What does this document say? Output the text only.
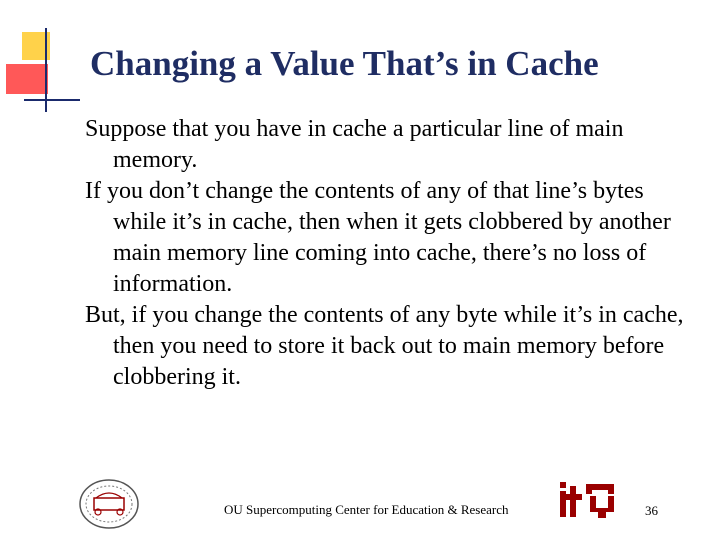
Changing a Value That’s in Cache

Suppose that you have in cache a particular line of main memory.

If you don’t change the contents of any of that line’s bytes while it’s in cache, then when it gets clobbered by another main memory line coming into cache, there’s no loss of information.

But, if you change the contents of any byte while it’s in cache, then you need to store it back out to main memory before clobbering it.

OU Supercomputing Center for Education & Research	36
